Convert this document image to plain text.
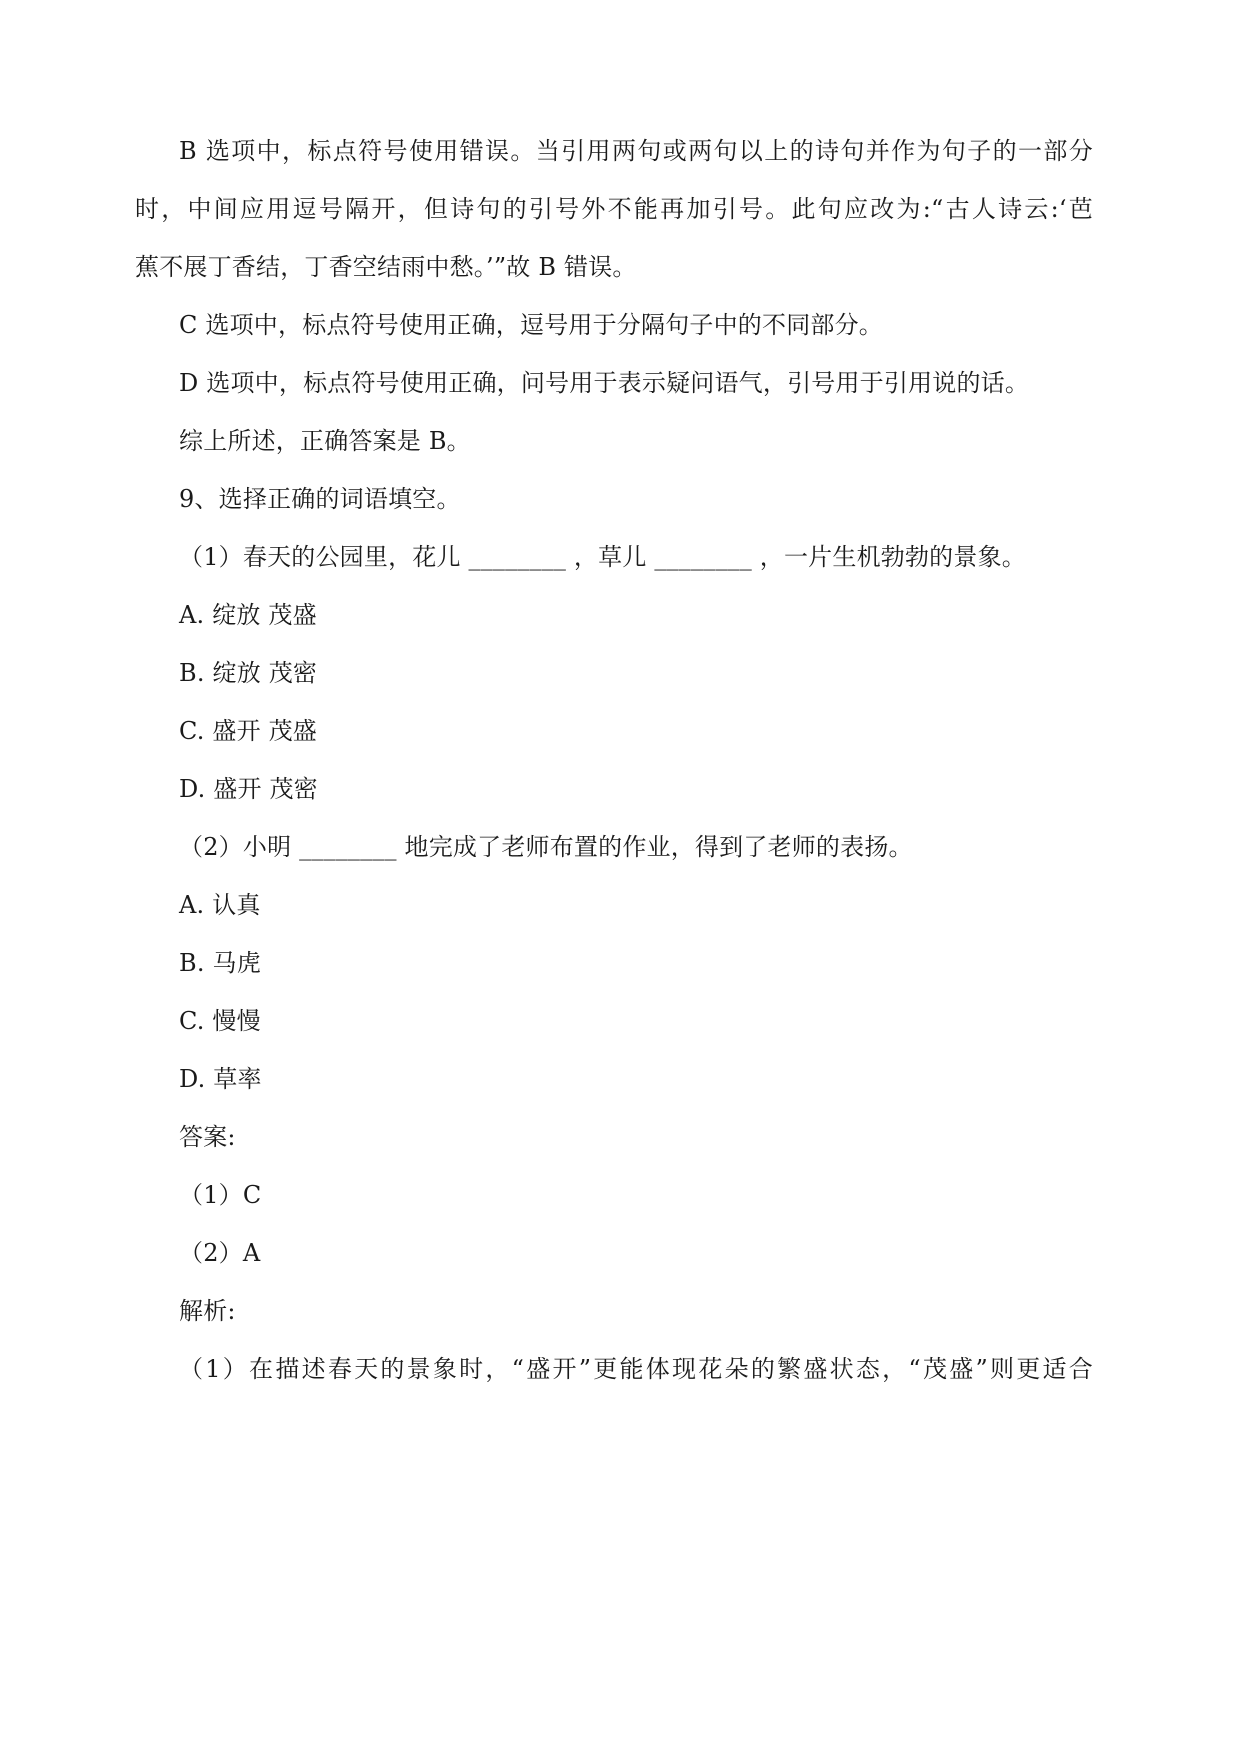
B 选项中，标点符号使用错误。当引用两句或两句以上的诗句并作为句子的一部分

时，中间应用逗号隔开，但诗句的引号外不能再加引号。此句应改为:“古人诗云:‘芭

蕉不展丁香结，丁香空结雨中愁。’”故 B 错误。

C 选项中，标点符号使用正确，逗号用于分隔句子中的不同部分。

D 选项中，标点符号使用正确，问号用于表示疑问语气，引号用于引用说的话。

综上所述，正确答案是 B。

9、选择正确的词语填空。

（1）春天的公园里，花儿 ________ ，草儿 ________ ，一片生机勃勃的景象。

A. 绽放 茂盛

B. 绽放 茂密

C. 盛开 茂盛

D. 盛开 茂密

（2）小明 ________ 地完成了老师布置的作业，得到了老师的表扬。

A. 认真

B. 马虎

C. 慢慢

D. 草率

答案:

（1）C

（2）A

解析:

（1）在描述春天的景象时，“盛开”更能体现花朵的繁盛状态，“茂盛”则更适合
